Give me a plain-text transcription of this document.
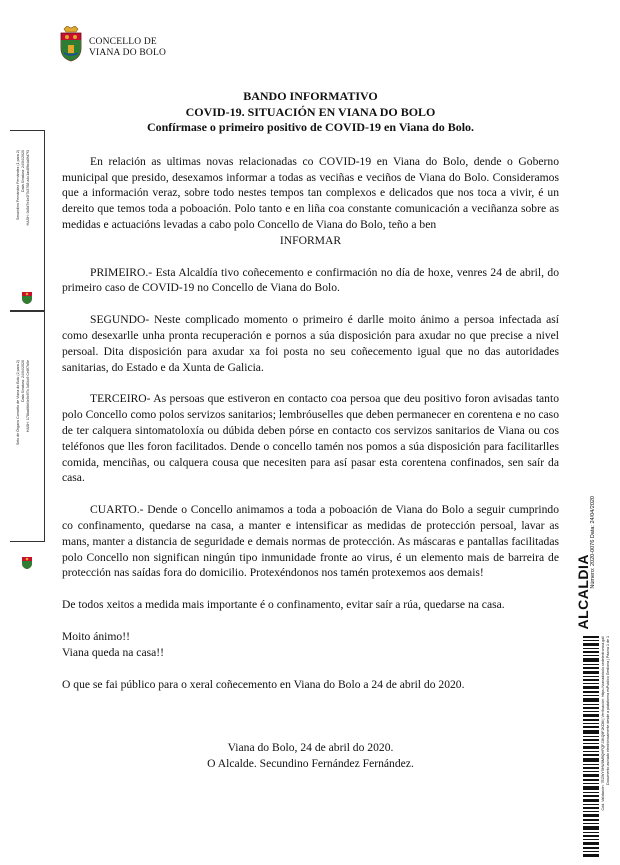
CONCELLO DE
VIANA DO BOLO
Secundino Fernández Fernández (1 para 2) Data Sinatura: 24/04/2020 HASH: 0c5d7e1e2f7b3768 a4c1ac89b4a0fd7f3
Selo de Órgano Concello de Viana do Bolo (2 para 2) Data Sinatura: 24/04/2020 HASH: 178ba66bf4e0c97b 3d34c9 Ce8f7b0e
ALCALDIA
Número: 2020-0076 Data: 24/04/2020
Cód. Validación: 7EZWY5HW8M9QHFQFJ3KQ9F2KDM | Verificación: https://vianadobolo.sedelectronica.gal/ Documento asinado electrónicamente desde a plataforma esPublico Gestiona | Páxina 1 de 1
BANDO INFORMATIVO
COVID-19. SITUACIÓN EN VIANA DO BOLO
Confírmase o primeiro positivo de COVID-19 en Viana do Bolo.

En relación as ultimas novas relacionadas co COVID-19 en Viana do Bolo, dende o Goberno municipal que presido, desexamos informar a todas as veciñas e veciños de Viana do Bolo. Consideramos que a información veraz, sobre todo nestes tempos tan complexos e delicados que nos toca a vivir, é un dereito que temos toda a poboación. Polo tanto e en liña coa constante comunicación a veciñanza sobre as medidas e actuacións levadas a cabo polo Concello de Viana do Bolo, teño a ben

INFORMAR

PRIMEIRO.- Esta Alcaldía tivo coñecemento e confirmación no día de hoxe, venres 24 de abril, do primeiro caso de COVID-19 no Concello de Viana do Bolo.

SEGUNDO- Neste complicado momento o primeiro é darlle moito ánimo a persoa infectada así como desexarlle unha pronta recuperación e pornos a súa disposición para axudar no que precise a nivel persoal. Dita disposición para axudar xa foi posta no seu coñecemento igual que no das autoridades sanitarias, do Estado e da Xunta de Galicia.

TERCEIRO- As persoas que estiveron en contacto coa persoa que deu positivo foron avisadas tanto polo Concello como polos servizos sanitarios; lembróuselles que deben permanecer en corentena e no caso de ter calquera sintomatoloxía ou dúbida deben pórse en contacto cos servizos sanitarios de Viana ou cos teléfonos que lles foron facilitados. Dende o concello tamén nos pomos a súa disposición para facilitarlles comida, menciñas, ou calquera cousa que necesiten para así pasar esta corentena confinados, sen saír da casa.

CUARTO.- Dende o Concello animamos a toda a poboación de Viana do Bolo a seguir cumprindo co confinamento, quedarse na casa, a manter e intensificar as medidas de protección persoal, lavar as mans, manter a distancia de seguridade e demais normas de protección. As máscaras e pantallas facilitadas polo Concello non significan ningún tipo inmunidade fronte ao virus, é un elemento mais de barreira de protección nas saídas fora do domicilio. Protexéndonos nos tamén protexemos aos demais!

De todos xeitos a medida mais importante é o confinamento, evitar saír a rúa, quedarse na casa.

Moito ánimo!!
Viana queda na casa!!

O que se fai público para o xeral coñecemento en Viana do Bolo a 24 de abril do 2020.

Viana do Bolo, 24 de abril do 2020.
O Alcalde. Secundino Fernández Fernández.
